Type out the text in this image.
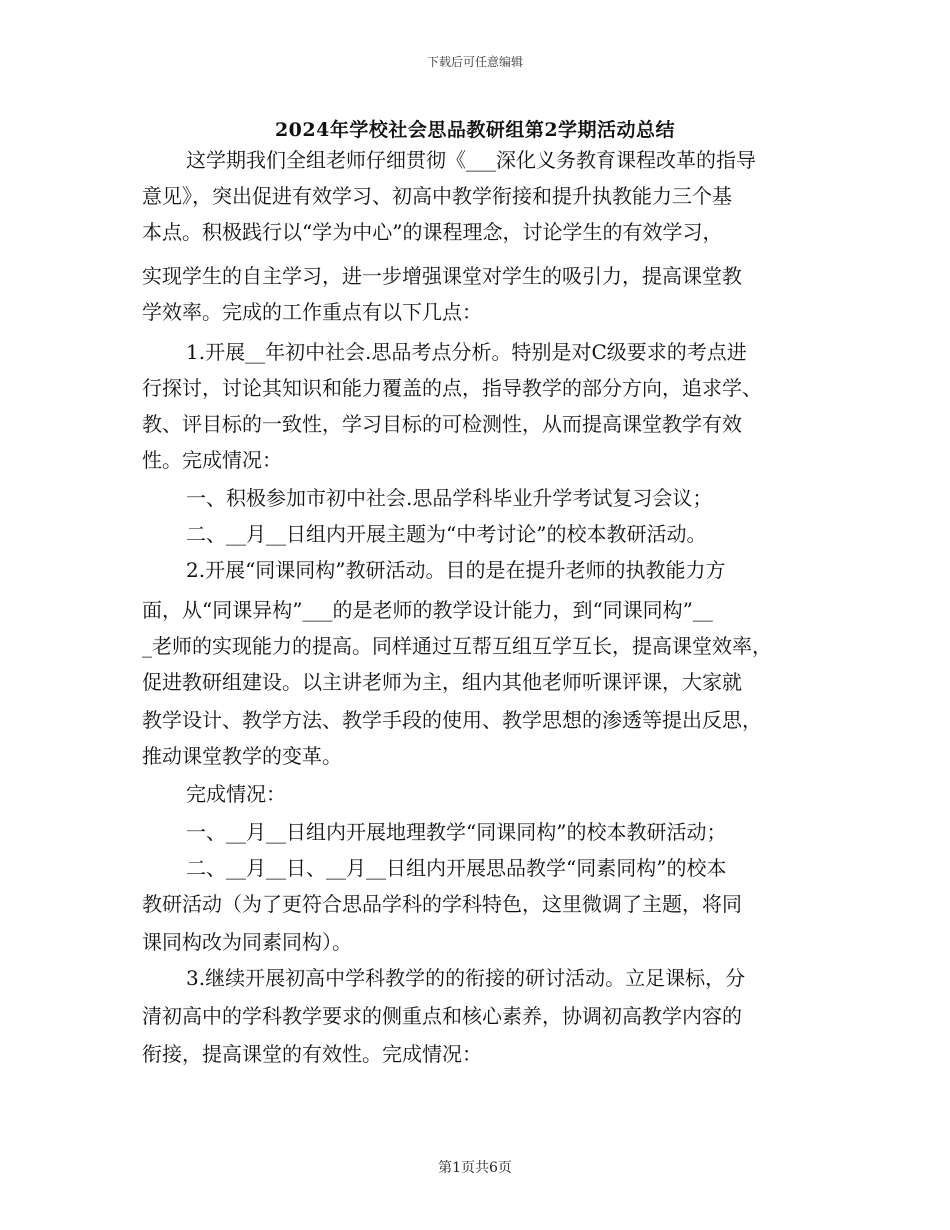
下载后可任意编辑
2024年学校社会思品教研组第2学期活动总结
这学期我们全组老师仔细贯彻《___深化义务教育课程改革的指导
意见》，突出促进有效学习、初高中教学衔接和提升执教能力三个基
本点。积极践行以“学为中心”的课程理念，讨论学生的有效学习，
实现学生的自主学习，进一步增强课堂对学生的吸引力，提高课堂教
学效率。完成的工作重点有以下几点：
1.开展__年初中社会.思品考点分析。特别是对C级要求的考点进
行探讨，讨论其知识和能力覆盖的点，指导教学的部分方向，追求学、
教、评目标的一致性，学习目标的可检测性，从而提高课堂教学有效
性。完成情况：
一、积极参加市初中社会.思品学科毕业升学考试复习会议；
二、__月__日组内开展主题为“中考讨论”的校本教研活动。
2.开展“同课同构”教研活动。目的是在提升老师的执教能力方
面，从“同课异构”___的是老师的教学设计能力，到“同课同构”__
_老师的实现能力的提高。同样通过互帮互组互学互长，提高课堂效率，
促进教研组建设。以主讲老师为主，组内其他老师听课评课，大家就
教学设计、教学方法、教学手段的使用、教学思想的渗透等提出反思，
推动课堂教学的变革。
完成情况：
一、__月__日组内开展地理教学“同课同构”的校本教研活动；
二、__月__日、__月__日组内开展思品教学“同素同构”的校本
教研活动（为了更符合思品学科的学科特色，这里微调了主题，将同
课同构改为同素同构）。
3.继续开展初高中学科教学的的衔接的研讨活动。立足课标，分
清初高中的学科教学要求的侧重点和核心素养，协调初高教学内容的
衔接，提高课堂的有效性。完成情况：
第1页共6页
